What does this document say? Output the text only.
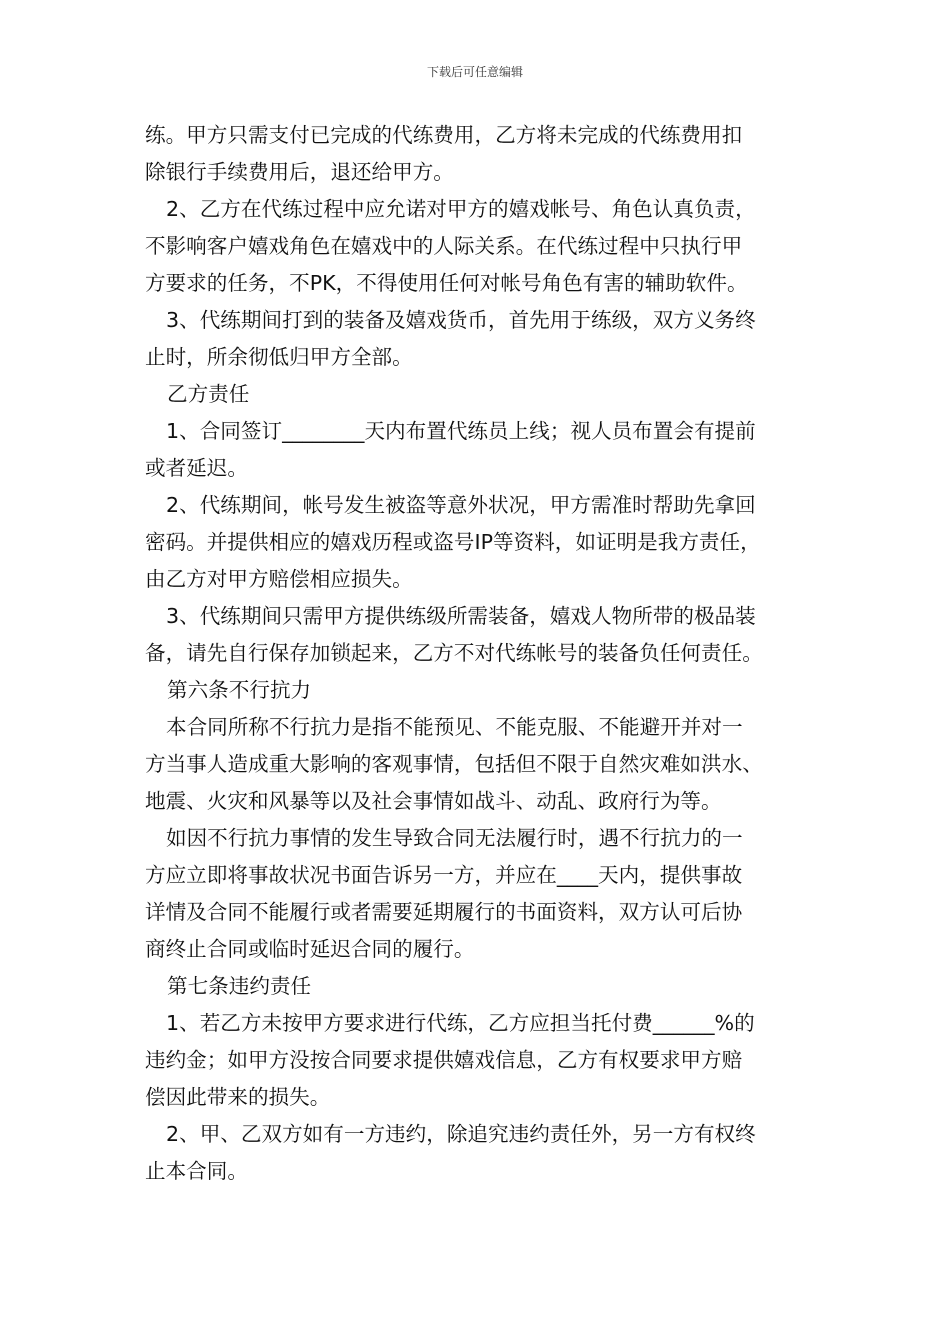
下载后可任意编辑

练。甲方只需支付已完成的代练费用，乙方将未完成的代练费用扣

除银行手续费用后，退还给甲方。

2、乙方在代练过程中应允诺对甲方的嬉戏帐号、角色认真负责，

不影响客户嬉戏角色在嬉戏中的人际关系。在代练过程中只执行甲

方要求的任务，不PK，不得使用任何对帐号角色有害的辅助软件。

3、代练期间打到的装备及嬉戏货币，首先用于练级，双方义务终

止时，所余彻低归甲方全部。

乙方责任

1、合同签订________天内布置代练员上线；视人员布置会有提前

或者延迟。

2、代练期间，帐号发生被盗等意外状况，甲方需准时帮助先拿回

密码。并提供相应的嬉戏历程或盗号IP等资料，如证明是我方责任，

由乙方对甲方赔偿相应损失。

3、代练期间只需甲方提供练级所需装备，嬉戏人物所带的极品装

备，请先自行保存加锁起来，乙方不对代练帐号的装备负任何责任。

第六条不行抗力

本合同所称不行抗力是指不能预见、不能克服、不能避开并对一

方当事人造成重大影响的客观事情，包括但不限于自然灾难如洪水、

地震、火灾和风暴等以及社会事情如战斗、动乱、政府行为等。

如因不行抗力事情的发生导致合同无法履行时，遇不行抗力的一

方应立即将事故状况书面告诉另一方，并应在____天内，提供事故

详情及合同不能履行或者需要延期履行的书面资料，双方认可后协

商终止合同或临时延迟合同的履行。

第七条违约责任

1、若乙方未按甲方要求进行代练，乙方应担当托付费______%的

违约金；如甲方没按合同要求提供嬉戏信息，乙方有权要求甲方赔

偿因此带来的损失。

2、甲、乙双方如有一方违约，除追究违约责任外，另一方有权终

止本合同。
